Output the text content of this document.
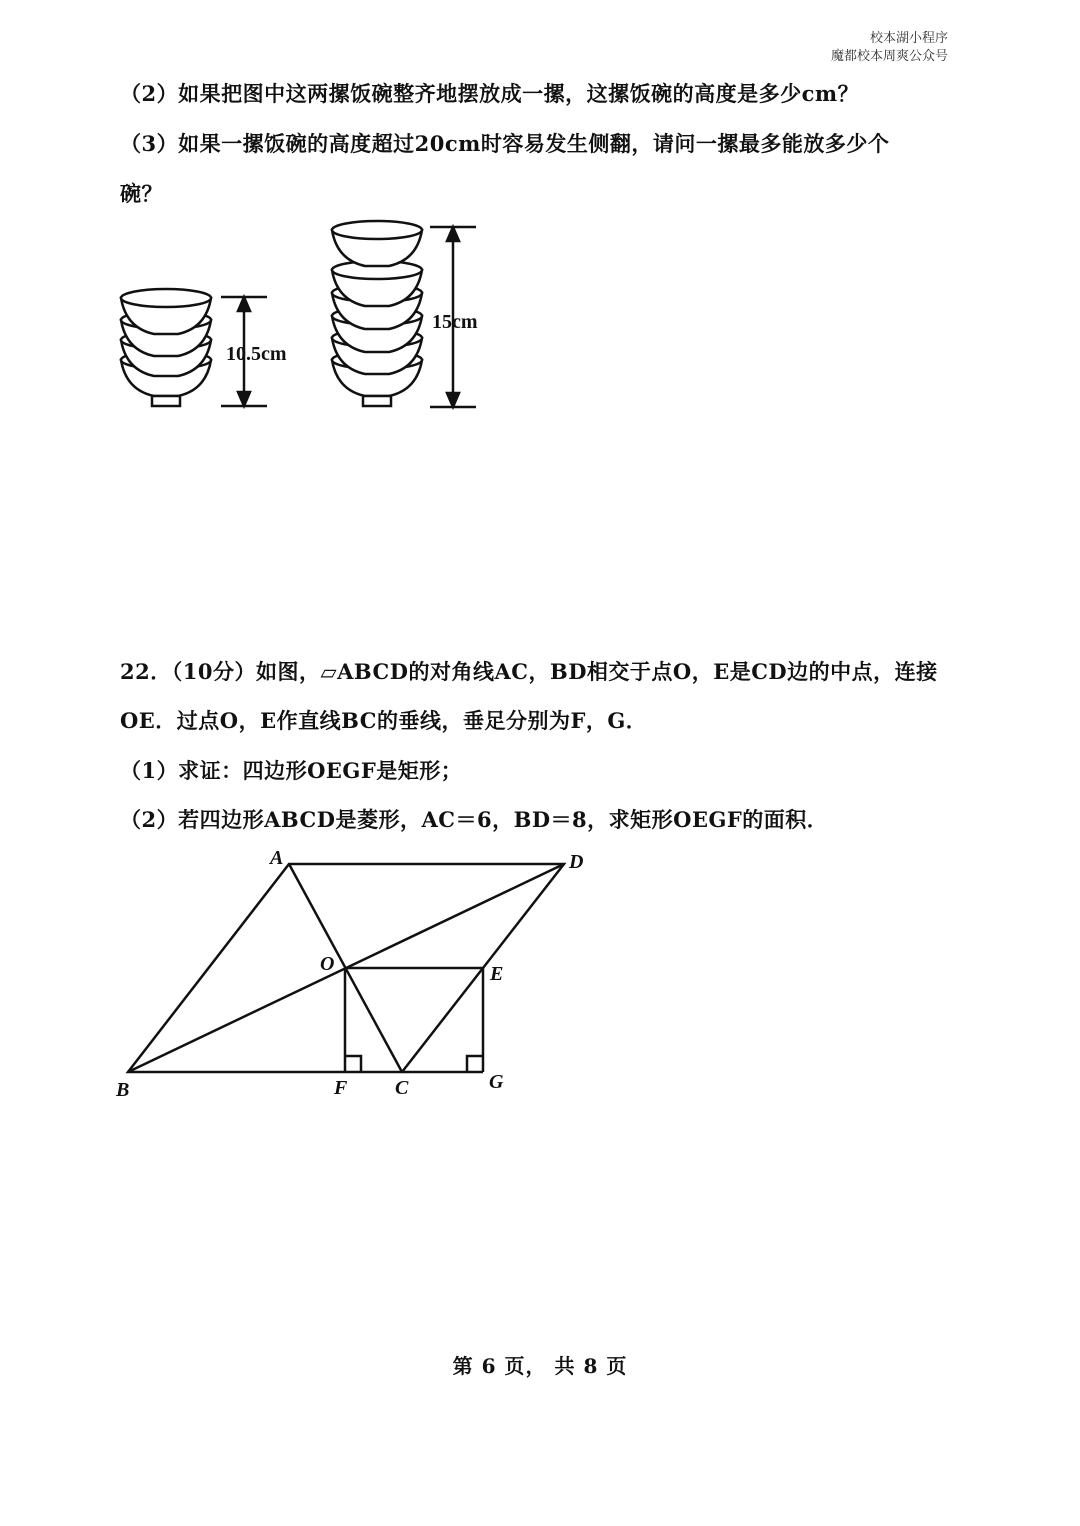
校本湖小程序
魔都校本周爽公众号
（2）如果把图中这两摞饭碗整齐地摆放成一摞，这摞饭碗的高度是多少cm？
（3）如果一摞饭碗的高度超过20cm时容易发生侧翻，请问一摞最多能放多少个
碗？
10.5cm
15cm
22．（10分）如图，▱ABCD的对角线AC，BD相交于点O，E是CD边的中点，连接
OE．过点O，E作直线BC的垂线，垂足分别为F，G．
（1）求证：四边形OEGF是矩形；
（2）若四边形ABCD是菱形，AC＝6，BD＝8，求矩形OEGF的面积．
A	D
O	E
B	F C	G
第 6 页， 共 8 页
